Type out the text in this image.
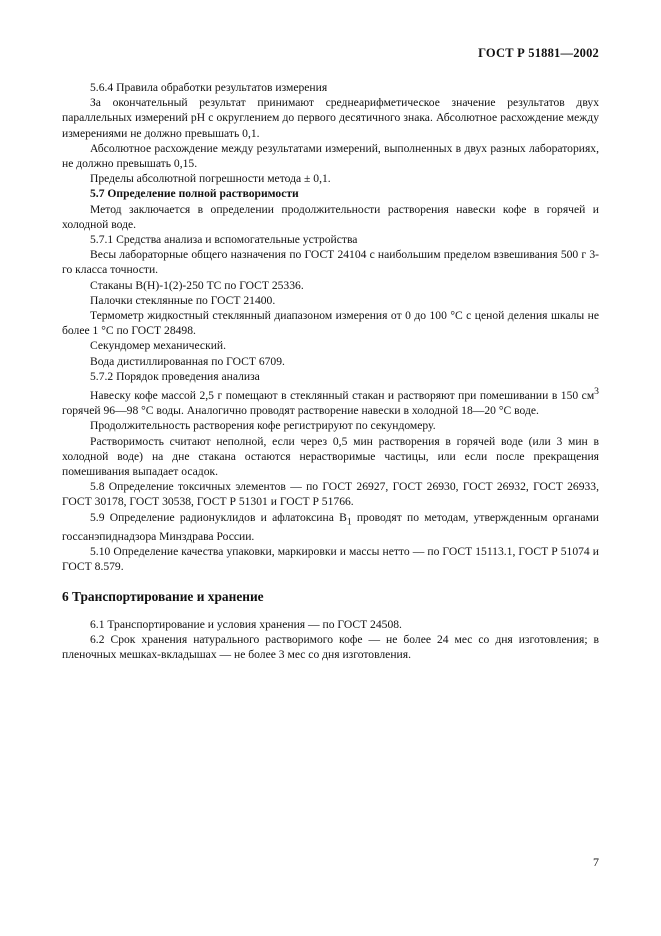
ГОСТ Р 51881—2002

5.6.4 Правила обработки результатов измерения

За окончательный результат принимают среднеарифметическое значение результатов двух параллельных измерений pH с округлением до первого десятичного знака. Абсолютное расхождение между измерениями не должно превышать 0,1.

Абсолютное расхождение между результатами измерений, выполненных в двух разных лабораториях, не должно превышать 0,15.

Пределы абсолютной погрешности метода ± 0,1.

5.7 Определение полной растворимости

Метод заключается в определении продолжительности растворения навески кофе в горячей и холодной воде.

5.7.1 Средства анализа и вспомогательные устройства

Весы лабораторные общего назначения по ГОСТ 24104 с наибольшим пределом взвешивания 500 г 3-го класса точности.

Стаканы В(Н)-1(2)-250 ТС по ГОСТ 25336.

Палочки стеклянные по ГОСТ 21400.

Термометр жидкостный стеклянный диапазоном измерения от 0 до 100 °С с ценой деления шкалы не более 1 °С по ГОСТ 28498.

Секундомер механический.

Вода дистиллированная по ГОСТ 6709.

5.7.2 Порядок проведения анализа

Навеску кофе массой 2,5 г помещают в стеклянный стакан и растворяют при помешивании в 150 $см^3$ горячей 96—98 °С воды. Аналогично проводят растворение навески в холодной 18—20 °С воде.

Продолжительность растворения кофе регистрируют по секундомеру.

Растворимость считают неполной, если через 0,5 мин растворения в горячей воде (или 3 мин в холодной воде) на дне стакана остаются нерастворимые частицы, или если после прекращения помешивания выпадает осадок.

5.8 Определение токсичных элементов — по ГОСТ 26927, ГОСТ 26930, ГОСТ 26932, ГОСТ 26933, ГОСТ 30178, ГОСТ 30538, ГОСТ Р 51301 и ГОСТ Р 51766.

5.9 Определение радионуклидов и афлатоксина $В_1$ проводят по методам, утвержденным органами госсанэпиднадзора Минздрава России.

5.10 Определение качества упаковки, маркировки и массы нетто — по ГОСТ 15113.1, ГОСТ Р 51074 и ГОСТ 8.579.

6 Транспортирование и хранение

6.1 Транспортирование и условия хранения — по ГОСТ 24508.

6.2 Срок хранения натурального растворимого кофе — не более 24 мес со дня изготовления; в пленочных мешках-вкладышах — не более 3 мес со дня изготовления.

7
